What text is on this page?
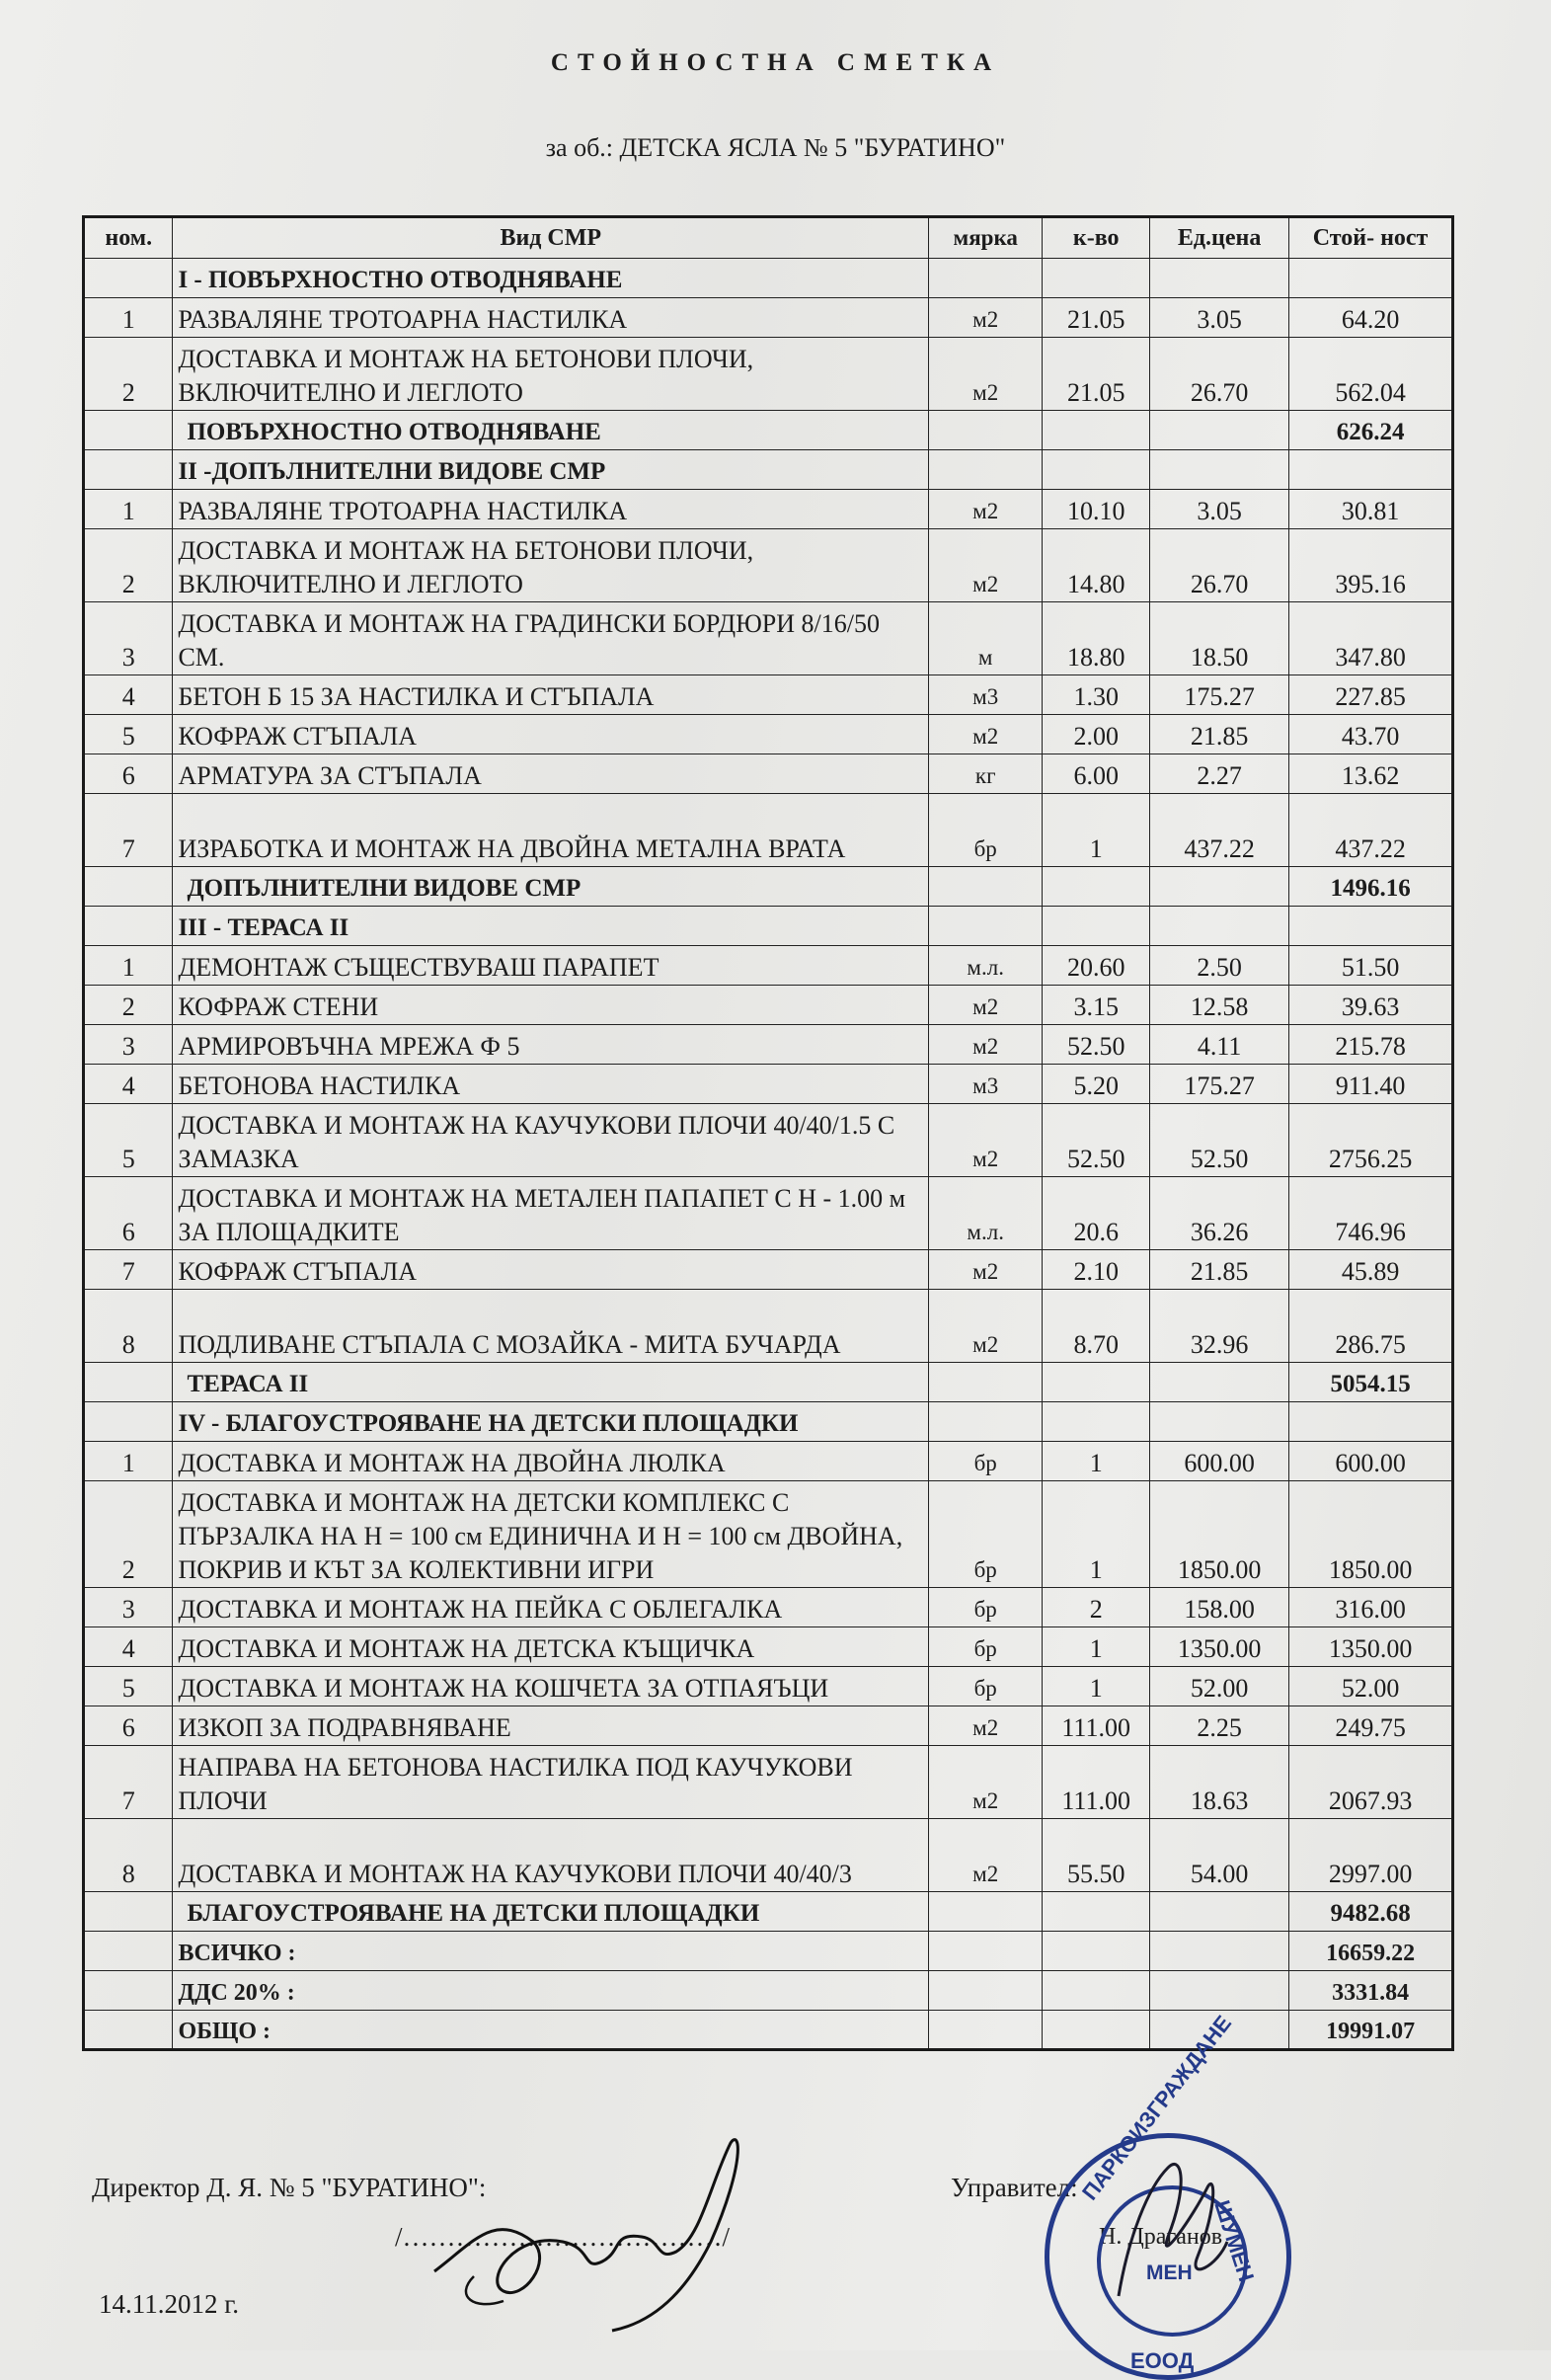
СТОЙНОСТНА СМЕТКА
за об.: ДЕТСКА ЯСЛА № 5 "БУРАТИНО"
ном.	Вид СМР	мярка	к-во	Ед.цена	Стой- ност
	I - ПОВЪРХНОСТНО ОТВОДНЯВАНЕ				
1	РАЗВАЛЯНЕ ТРОТОАРНА НАСТИЛКА	м2	21.05	3.05	64.20
2	ДОСТАВКА И МОНТАЖ НА БЕТОНОВИ ПЛОЧИ, ВКЛЮЧИТЕЛНО И ЛЕГЛОТО	м2	21.05	26.70	562.04
	ПОВЪРХНОСТНО ОТВОДНЯВАНЕ				626.24
	II -ДОПЪЛНИТЕЛНИ ВИДОВЕ СМР				
1	РАЗВАЛЯНЕ ТРОТОАРНА НАСТИЛКА	м2	10.10	3.05	30.81
2	ДОСТАВКА И МОНТАЖ НА БЕТОНОВИ ПЛОЧИ, ВКЛЮЧИТЕЛНО И ЛЕГЛОТО	м2	14.80	26.70	395.16
3	ДОСТАВКА И МОНТАЖ НА ГРАДИНСКИ БОРДЮРИ 8/16/50 СМ.	м	18.80	18.50	347.80
4	БЕТОН Б 15 ЗА НАСТИЛКА И СТЪПАЛА	м3	1.30	175.27	227.85
5	КОФРАЖ СТЪПАЛА	м2	2.00	21.85	43.70
6	АРМАТУРА ЗА СТЪПАЛА	кг	6.00	2.27	13.62
7	ИЗРАБОТКА И МОНТАЖ НА ДВОЙНА МЕТАЛНА ВРАТА	бр	1	437.22	437.22
	ДОПЪЛНИТЕЛНИ ВИДОВЕ СМР				1496.16
	III - ТЕРАСА II				
1	ДЕМОНТАЖ СЪЩЕСТВУВАШ ПАРАПЕТ	м.л.	20.60	2.50	51.50
2	КОФРАЖ СТЕНИ	м2	3.15	12.58	39.63
3	АРМИРОВЪЧНА МРЕЖА Ф 5	м2	52.50	4.11	215.78
4	БЕТОНОВА НАСТИЛКА	м3	5.20	175.27	911.40
5	ДОСТАВКА И МОНТАЖ НА КАУЧУКОВИ ПЛОЧИ 40/40/1.5 С ЗАМАЗКА	м2	52.50	52.50	2756.25
6	ДОСТАВКА И МОНТАЖ НА МЕТАЛЕН ПАПАПЕТ С Н - 1.00 м ЗА ПЛОЩАДКИТЕ	м.л.	20.6	36.26	746.96
7	КОФРАЖ СТЪПАЛА	м2	2.10	21.85	45.89
8	ПОДЛИВАНЕ СТЪПАЛА С МОЗАЙКА - МИТА БУЧАРДА	м2	8.70	32.96	286.75
	ТЕРАСА II				5054.15
	IV - БЛАГОУСТРОЯВАНЕ НА ДЕТСКИ ПЛОЩАДКИ				
1	ДОСТАВКА И МОНТАЖ НА ДВОЙНА ЛЮЛКА	бр	1	600.00	600.00
2	ДОСТАВКА И МОНТАЖ НА ДЕТСКИ КОМПЛЕКС С ПЪРЗАЛКА НА Н = 100 см ЕДИНИЧНА И Н = 100 см ДВОЙНА, ПОКРИВ И КЪТ ЗА КОЛЕКТИВНИ ИГРИ	бр	1	1850.00	1850.00
3	ДОСТАВКА И МОНТАЖ НА ПЕЙКА С ОБЛЕГАЛКА	бр	2	158.00	316.00
4	ДОСТАВКА И МОНТАЖ НА ДЕТСКА КЪЩИЧКА	бр	1	1350.00	1350.00
5	ДОСТАВКА И МОНТАЖ НА КОШЧЕТА ЗА ОТПАЯЪЦИ	бр	1	52.00	52.00
6	ИЗКОП ЗА ПОДРАВНЯВАНЕ	м2	111.00	2.25	249.75
7	НАПРАВА НА БЕТОНОВА НАСТИЛКА ПОД КАУЧУКОВИ ПЛОЧИ	м2	111.00	18.63	2067.93
8	ДОСТАВКА И МОНТАЖ НА КАУЧУКОВИ ПЛОЧИ 40/40/3	м2	55.50	54.00	2997.00
	БЛАГОУСТРОЯВАНЕ НА ДЕТСКИ ПЛОЩАДКИ				9482.68
	ВСИЧКО :				16659.22
	ДДС 20% :				3331.84
	ОБЩО :				19991.07
Директор Д. Я. № 5 "БУРАТИНО":
/………………………………/
14.11.2012 г.
Управител:
Н. Драганов
ПАРКОИЗГРАЖДАНЕ
ШУМЕН
ЕООД
МЕН
